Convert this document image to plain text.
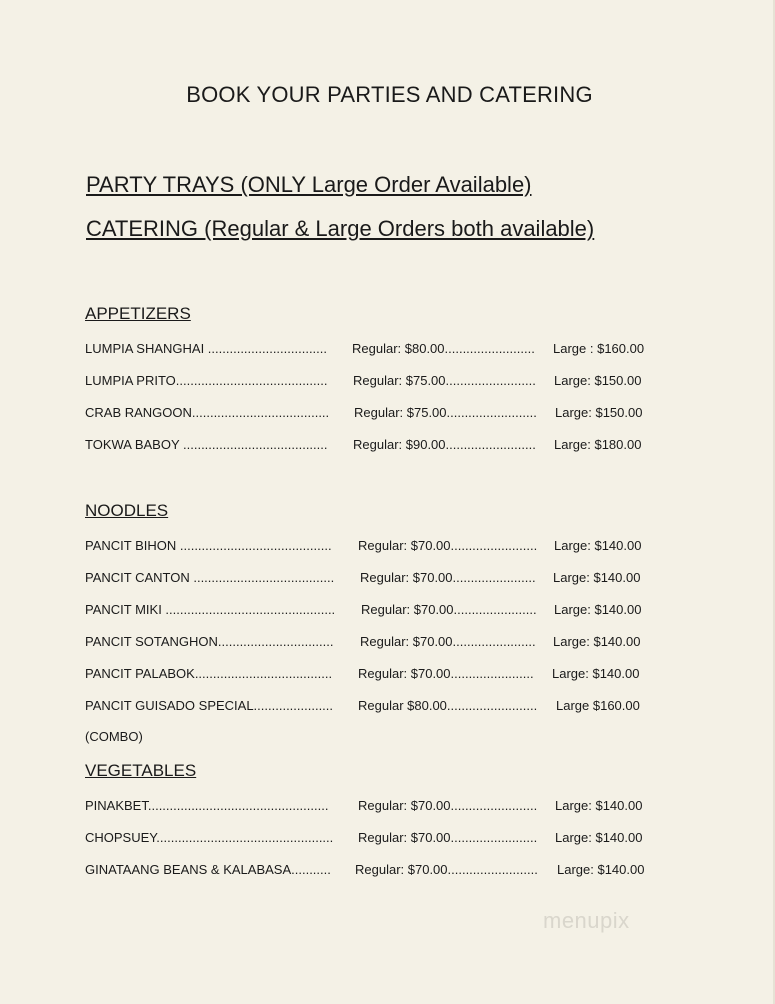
BOOK YOUR PARTIES AND CATERING
PARTY TRAYS (ONLY Large Order Available)
CATERING (Regular & Large Orders both available)
APPETIZERS
LUMPIA SHANGHAI ................................. Regular: $80.00......................... Large : $160.00
LUMPIA PRITO.......................................... Regular: $75.00......................... Large: $150.00
CRAB RANGOON...................................... Regular: $75.00......................... Large: $150.00
TOKWA BABOY ........................................ Regular: $90.00......................... Large: $180.00
NOODLES
PANCIT BIHON .......................................... Regular: $70.00........................ Large: $140.00
PANCIT CANTON ....................................... Regular: $70.00....................... Large: $140.00
PANCIT MIKI ............................................... Regular: $70.00....................... Large: $140.00
PANCIT SOTANGHON................................ Regular: $70.00....................... Large: $140.00
PANCIT PALABOK...................................... Regular: $70.00....................... Large: $140.00
PANCIT GUISADO SPECIAL...................... Regular $80.00......................... Large $160.00
(COMBO)
VEGETABLES
PINAKBET.................................................. Regular: $70.00........................ Large: $140.00
CHOPSUEY................................................. Regular: $70.00........................ Large: $140.00
GINATAANG BEANS & KALABASA........... Regular: $70.00......................... Large: $140.00
menupix
